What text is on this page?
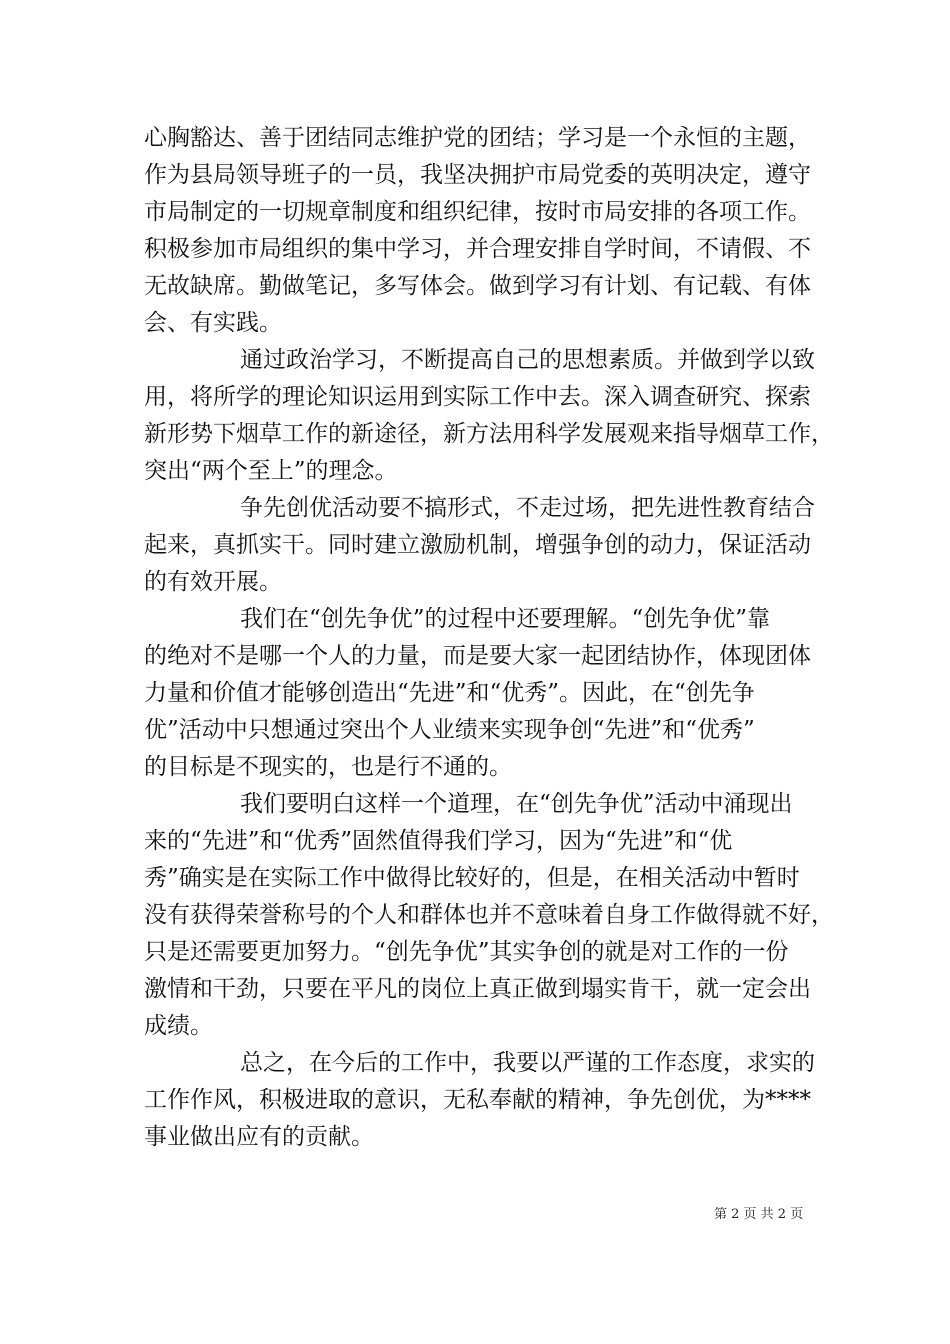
心胸豁达、善于团结同志维护党的团结；学习是一个永恒的主题，
作为县局领导班子的一员，我坚决拥护市局党委的英明决定，遵守
市局制定的一切规章制度和组织纪律，按时市局安排的各项工作。
积极参加市局组织的集中学习，并合理安排自学时间，不请假、不
无故缺席。勤做笔记，多写体会。做到学习有计划、有记载、有体
会、有实践。
通过政治学习，不断提高自己的思想素质。并做到学以致
用，将所学的理论知识运用到实际工作中去。深入调查研究、探索
新形势下烟草工作的新途径，新方法用科学发展观来指导烟草工作，
突出“两个至上”的理念。
争先创优活动要不搞形式，不走过场，把先进性教育结合
起来，真抓实干。同时建立激励机制，增强争创的动力，保证活动
的有效开展。
我们在“创先争优”的过程中还要理解。“创先争优”靠
的绝对不是哪一个人的力量，而是要大家一起团结协作，体现团体
力量和价值才能够创造出“先进”和“优秀”。因此，在“创先争
优”活动中只想通过突出个人业绩来实现争创“先进”和“优秀”
的目标是不现实的，也是行不通的。
我们要明白这样一个道理，在“创先争优”活动中涌现出
来的“先进”和“优秀”固然值得我们学习，因为“先进”和“优
秀”确实是在实际工作中做得比较好的，但是，在相关活动中暂时
没有获得荣誉称号的个人和群体也并不意味着自身工作做得就不好，
只是还需要更加努力。“创先争优”其实争创的就是对工作的一份
激情和干劲，只要在平凡的岗位上真正做到塌实肯干，就一定会出
成绩。
总之，在今后的工作中，我要以严谨的工作态度，求实的
工作作风，积极进取的意识，无私奉献的精神，争先创优，为****
事业做出应有的贡献。
第 2 页 共 2 页
